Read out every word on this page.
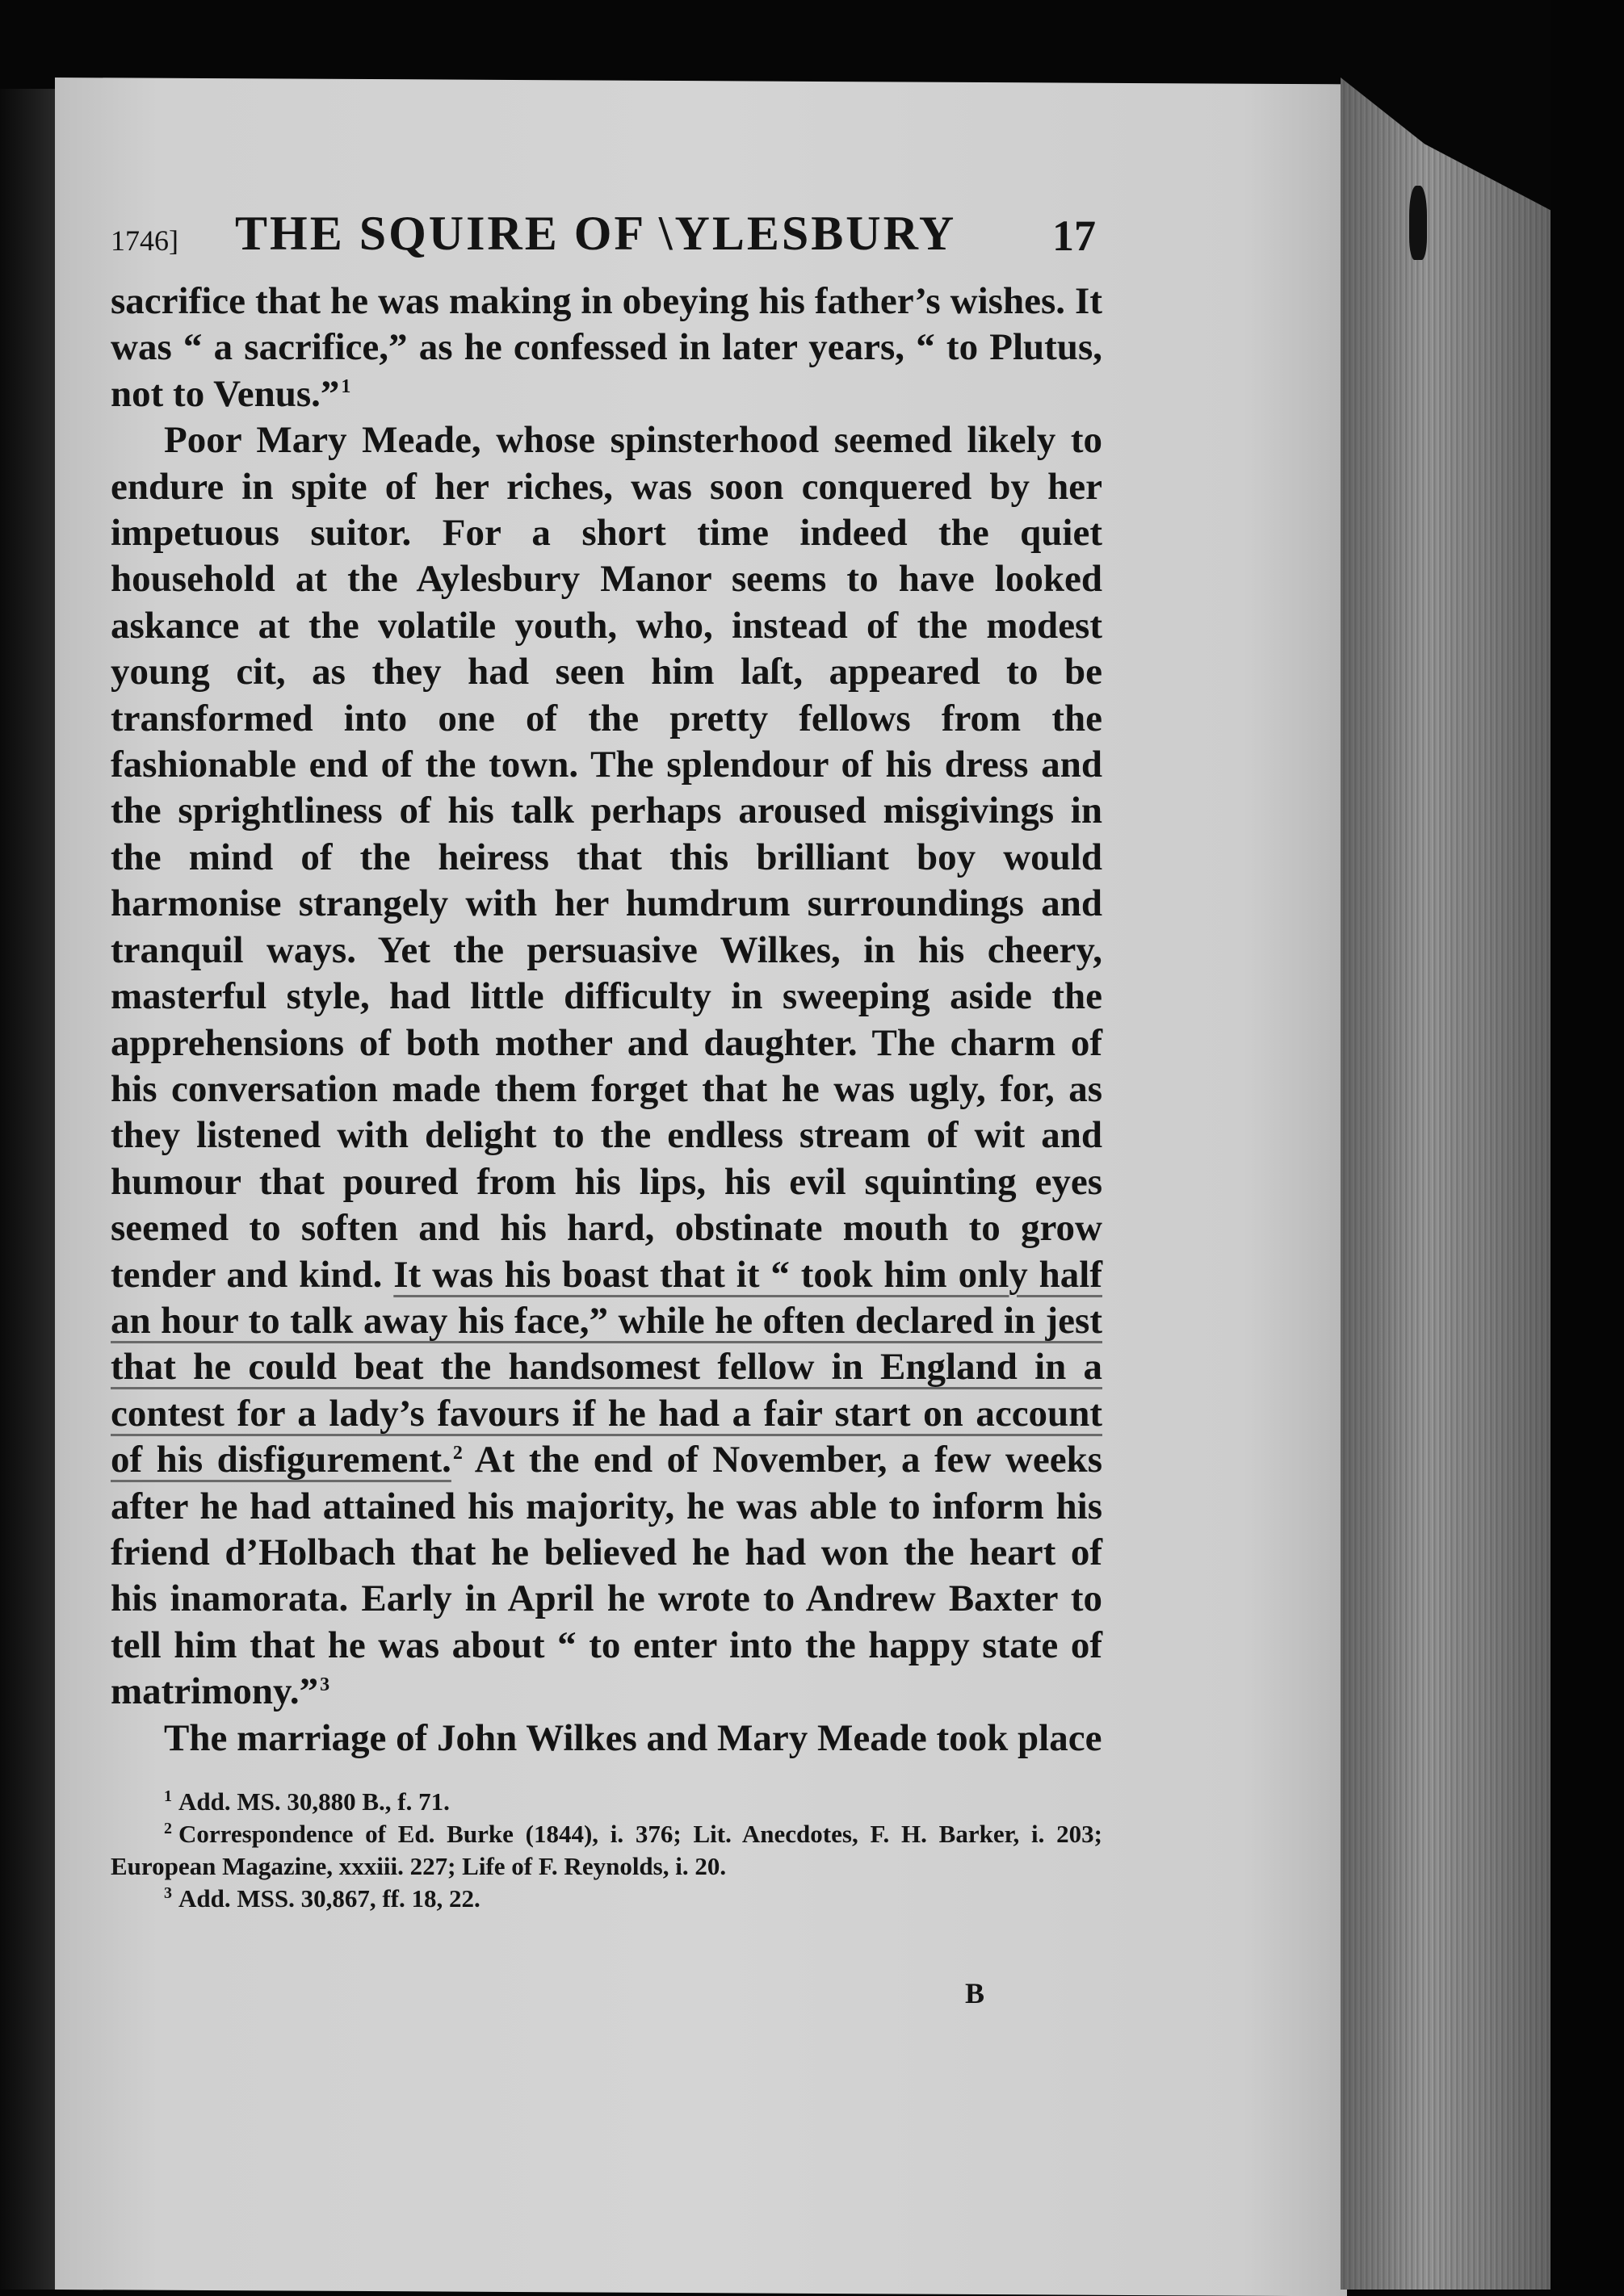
1746] THE SQUIRE OF \YLESBURY 17

sacrifice that he was making in obeying his father’s wishes. It was “ a sacrifice,” as he confessed in later years, “ to Plutus, not to Venus.”$^1$

Poor Mary Meade, whose spinsterhood seemed likely to endure in spite of her riches, was soon conquered by her impetuous suitor. For a short time indeed the quiet household at the Aylesbury Manor seems to have looked askance at the volatile youth, who, instead of the modest young cit, as they had seen him laſt, appeared to be transformed into one of the pretty fellows from the fashionable end of the town. The splendour of his dress and the sprightliness of his talk perhaps aroused misgivings in the mind of the heiress that this brilliant boy would harmonise strangely with her humdrum surroundings and tranquil ways. Yet the persuasive Wilkes, in his cheery, masterful style, had little difficulty in sweeping aside the apprehensions of both mother and daughter. The charm of his conversation made them forget that he was ugly, for, as they listened with delight to the endless stream of wit and humour that poured from his lips, his evil squinting eyes seemed to soften and his hard, obstinate mouth to grow tender and kind. It was his boast that it “ took him only half an hour to talk away his face,” while he often declared in jest that he could beat the handsomest fellow in England in a contest for a lady’s favours if he had a fair start on account of his disfigurement.$^2$ At the end of November, a few weeks after he had attained his majority, he was able to inform his friend d’Holbach that he believed he had won the heart of his inamorata. Early in April he wrote to Andrew Baxter to tell him that he was about “ to enter into the happy state of matrimony.”$^3$

The marriage of John Wilkes and Mary Meade took place

$^1$ Add. MS. 30,880 B., f. 71.

$^2$ Correspondence of Ed. Burke (1844), i. 376; Lit. Anecdotes, F. H. Barker, i. 203; European Magazine, xxxiii. 227; Life of F. Reynolds, i. 20.

$^3$ Add. MSS. 30,867, ff. 18, 22.

B
